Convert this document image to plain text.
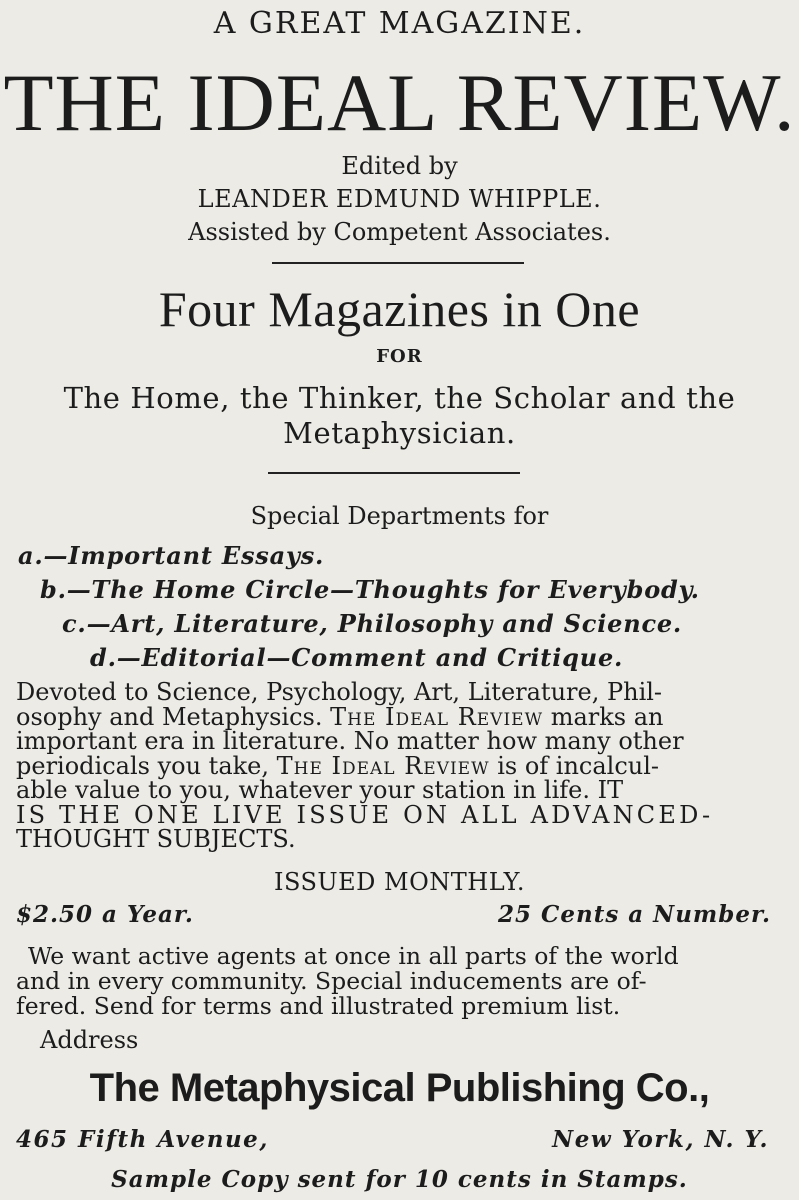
A GREAT MAGAZINE.
THE IDEAL REVIEW.
Edited by
LEANDER EDMUND WHIPPLE.
Assisted by Competent Associates.
Four Magazines in One
FOR
The Home, the Thinker, the Scholar and the
Metaphysician.
Special Departments for
a.—Important Essays.
b.—The Home Circle—Thoughts for Everybody.
c.—Art, Literature, Philosophy and Science.
d.—Editorial—Comment and Critique.
Devoted to Science, Psychology, Art, Literature, Phil-
osophy and Metaphysics. The Ideal Review marks an
important era in literature. No matter how many other
periodicals you take, The Ideal Review is of incalcul-
able value to you, whatever your station in life. IT
IS THE ONE LIVE ISSUE ON ALL ADVANCED-
THOUGHT SUBJECTS.
ISSUED MONTHLY.
$2.50 a Year.	25 Cents a Number.
We want active agents at once in all parts of the world
and in every community. Special inducements are of-
fered. Send for terms and illustrated premium list.
Address
The Metaphysical Publishing Co.,
465 Fifth Avenue,	New York, N. Y.
Sample Copy sent for 10 cents in Stamps.
